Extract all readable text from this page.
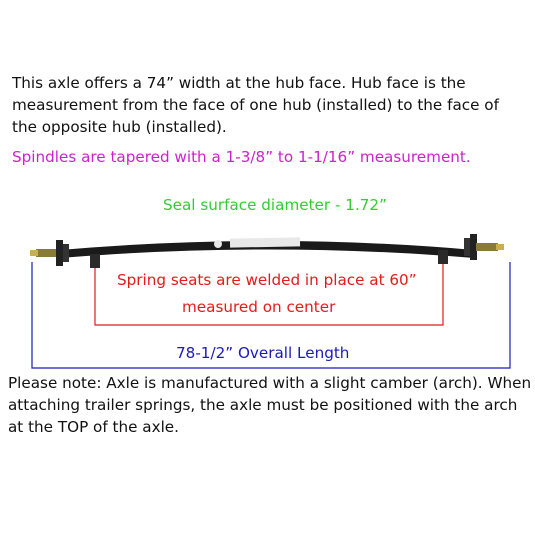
This axle offers a 74” width at the hub face. Hub face is the measurement from the face of one hub (installed) to the face of the opposite hub (installed).
Spindles are tapered with a 1-3/8” to 1-1/16” measurement.
Seal surface diameter - 1.72”
Spring seats are welded in place at 60”
measured on center
78-1/2” Overall Length
Please note: Axle is manufactured with a slight camber (arch). When attaching trailer springs, the axle must be positioned with the arch at the TOP of the axle.
